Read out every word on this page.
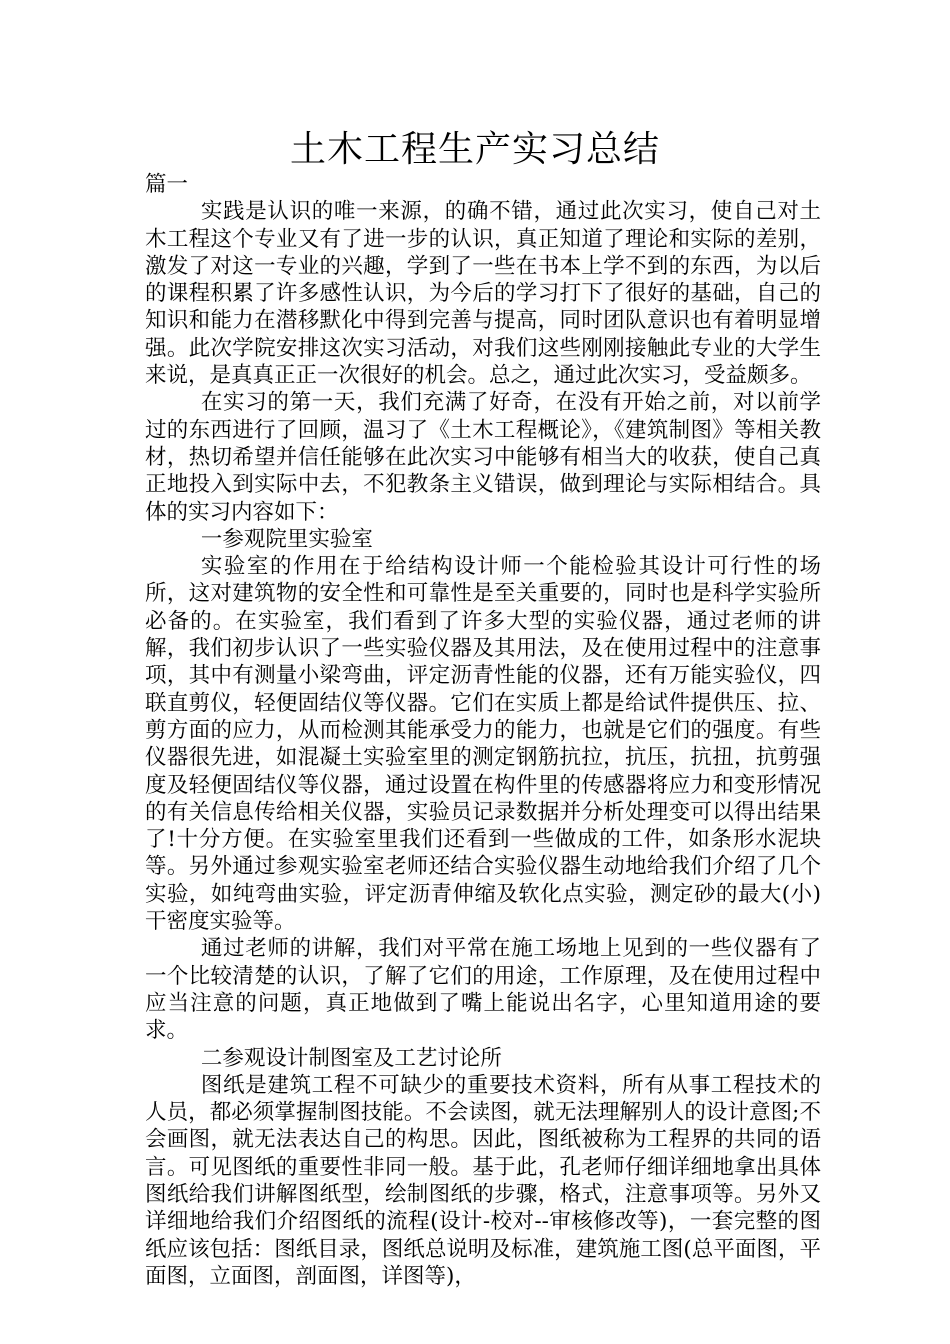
土木工程生产实习总结

篇一

实践是认识的唯一来源，的确不错，通过此次实习，使自己对土木工程这个专业又有了进一步的认识，真正知道了理论和实际的差别，激发了对这一专业的兴趣，学到了一些在书本上学不到的东西，为以后的课程积累了许多感性认识，为今后的学习打下了很好的基础，自己的知识和能力在潜移默化中得到完善与提高，同时团队意识也有着明显增强。此次学院安排这次实习活动，对我们这些刚刚接触此专业的大学生来说，是真真正正一次很好的机会。总之，通过此次实习，受益颇多。

在实习的第一天，我们充满了好奇，在没有开始之前，对以前学过的东西进行了回顾，温习了《土木工程概论》，《建筑制图》等相关教材，热切希望并信任能够在此次实习中能够有相当大的收获，使自己真正地投入到实际中去，不犯教条主义错误，做到理论与实际相结合。具体的实习内容如下：

一参观院里实验室

实验室的作用在于给结构设计师一个能检验其设计可行性的场所，这对建筑物的安全性和可靠性是至关重要的，同时也是科学实验所必备的。在实验室，我们看到了许多大型的实验仪器，通过老师的讲解，我们初步认识了一些实验仪器及其用法，及在使用过程中的注意事项，其中有测量小梁弯曲，评定沥青性能的仪器，还有万能实验仪，四联直剪仪，轻便固结仪等仪器。它们在实质上都是给试件提供压、拉、剪方面的应力，从而检测其能承受力的能力，也就是它们的强度。有些仪器很先进，如混凝土实验室里的测定钢筋抗拉，抗压，抗扭，抗剪强度及轻便固结仪等仪器，通过设置在构件里的传感器将应力和变形情况的有关信息传给相关仪器，实验员记录数据并分析处理变可以得出结果了!十分方便。在实验室里我们还看到一些做成的工件，如条形水泥块等。另外通过参观实验室老师还结合实验仪器生动地给我们介绍了几个实验，如纯弯曲实验，评定沥青伸缩及软化点实验，测定砂的最大(小)干密度实验等。

通过老师的讲解，我们对平常在施工场地上见到的一些仪器有了一个比较清楚的认识，了解了它们的用途，工作原理，及在使用过程中应当注意的问题，真正地做到了嘴上能说出名字，心里知道用途的要求。

二参观设计制图室及工艺讨论所

图纸是建筑工程不可缺少的重要技术资料，所有从事工程技术的人员，都必须掌握制图技能。不会读图，就无法理解别人的设计意图;不会画图，就无法表达自己的构思。因此，图纸被称为工程界的共同的语言。可见图纸的重要性非同一般。基于此，孔老师仔细详细地拿出具体图纸给我们讲解图纸型，绘制图纸的步骤，格式，注意事项等。另外又详细地给我们介绍图纸的流程(设计-校对--审核修改等)，一套完整的图纸应该包括：图纸目录，图纸总说明及标准，建筑施工图(总平面图，平面图，立面图，剖面图，详图等)，
